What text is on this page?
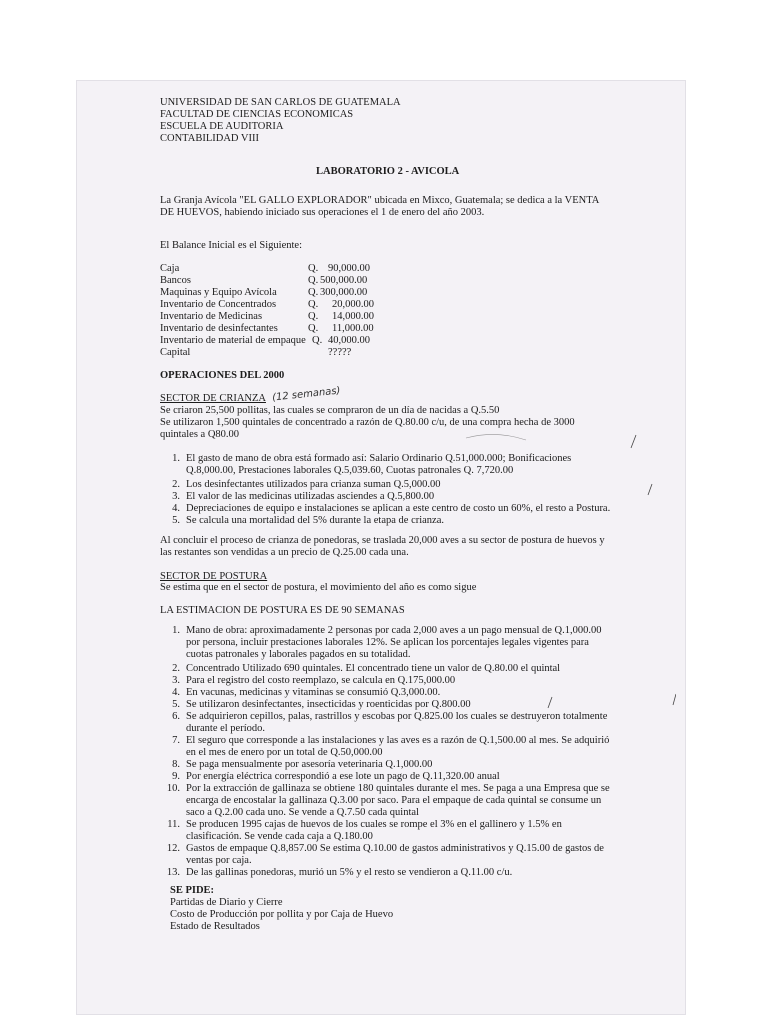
UNIVERSIDAD DE SAN CARLOS DE GUATEMALA
FACULTAD DE CIENCIAS ECONOMICAS
ESCUELA DE AUDITORIA
CONTABILIDAD VIII
LABORATORIO 2 - AVICOLA
La Granja Avícola "EL GALLO EXPLORADOR" ubicada en Mixco, Guatemala; se dedica a la VENTA DE HUEVOS, habiendo iniciado sus operaciones el 1 de enero del año 2003.
El Balance Inicial es el Siguiente:
Caja	Q. 90,000.00
Bancos	Q. 500,000.00
Maquinas y Equipo Avícola	Q. 300,000.00
Inventario de Concentrados	Q. 20,000.00
Inventario de Medicinas	Q. 14,000.00
Inventario de desinfectantes	Q. 11,000.00
Inventario de material de empaque Q. 40,000.00
Capital	?????
OPERACIONES DEL 2000
SECTOR DE CRIANZA (12 semanas)
Se criaron 25,500 pollitas, las cuales se compraron de un día de nacidas a Q.5.50
Se utilizaron 1,500 quintales de concentrado a razón de Q.80.00 c/u, de una compra hecha de 3000 quintales a Q80.00
1. El gasto de mano de obra está formado así: Salario Ordinario Q.51,000.000; Bonificaciones Q.8,000.00, Prestaciones laborales Q.5,039.60, Cuotas patronales Q. 7,720.00
2. Los desinfectantes utilizados para crianza suman Q.5,000.00
3. El valor de las medicinas utilizadas asciendes a Q.5,800.00
4. Depreciaciones de equipo e instalaciones se aplican a este centro de costo un 60%, el resto a Postura.
5. Se calcula una mortalidad del 5% durante la etapa de crianza.
Al concluir el proceso de crianza de ponedoras, se traslada 20,000 aves a su sector de postura de huevos y las restantes son vendidas a un precio de Q.25.00 cada una.
SECTOR DE POSTURA
Se estima que en el sector de postura, el movimiento del año es como sigue
LA ESTIMACION DE POSTURA ES DE 90 SEMANAS
1. Mano de obra: aproximadamente 2 personas por cada 2,000 aves a un pago mensual de Q.1,000.00 por persona, incluir prestaciones laborales 12%. Se aplican los porcentajes legales vigentes para cuotas patronales y laborales pagados en su totalidad.
2. Concentrado Utilizado 690 quintales. El concentrado tiene un valor de Q.80.00 el quintal
3. Para el registro del costo reemplazo, se calcula en Q.175,000.00
4. En vacunas, medicinas y vitaminas se consumió Q.3,000.00.
5. Se utilizaron desinfectantes, insecticidas y roenticidas por Q.800.00
6. Se adquirieron cepillos, palas, rastrillos y escobas por Q.825.00 los cuales se destruyeron totalmente durante el período.
7. El seguro que corresponde a las instalaciones y las aves es a razón de Q.1,500.00 al mes. Se adquirió en el mes de enero por un total de Q.50,000.00
8. Se paga mensualmente por asesoría veterinaria Q.1,000.00
9. Por energía eléctrica correspondió a ese lote un pago de Q.11,320.00 anual
10. Por la extracción de gallinaza se obtiene 180 quintales durante el mes. Se paga a una Empresa que se encarga de encostalar la gallinaza Q.3.00 por saco. Para el empaque de cada quintal se consume un saco a Q.2.00 cada uno. Se vende a Q.7.50 cada quintal
11. Se producen 1995 cajas de huevos de los cuales se rompe el 3% en el gallinero y 1.5% en clasificación. Se vende cada caja a Q.180.00
12. Gastos de empaque Q.8,857.00 Se estima Q.10.00 de gastos administrativos y Q.15.00 de gastos de ventas por caja.
13. De las gallinas ponedoras, murió un 5% y el resto se vendieron a Q.11.00 c/u.
SE PIDE:
Partidas de Diario y Cierre
Costo de Producción por pollita y por Caja de Huevo
Estado de Resultados
